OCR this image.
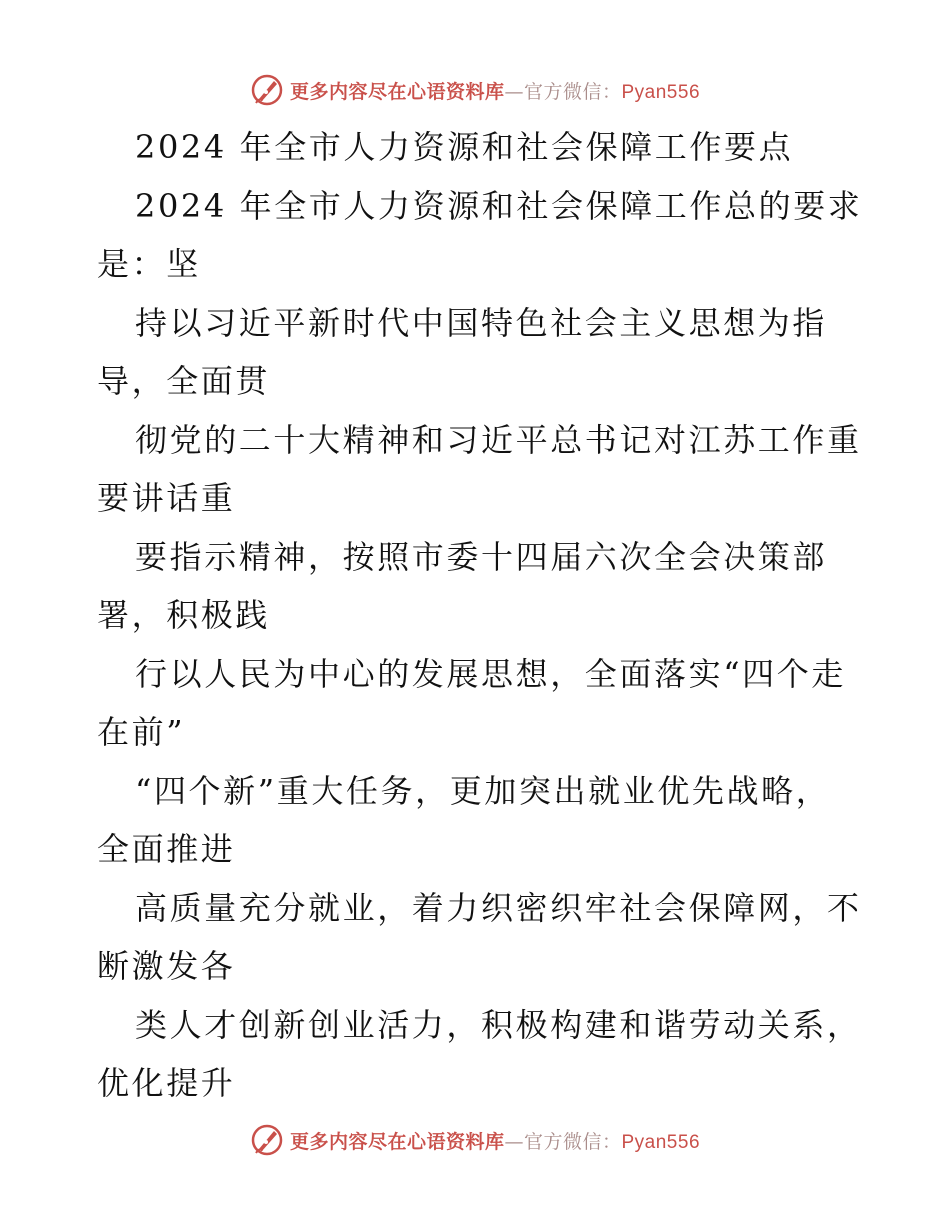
更多内容尽在心语资料库—官方微信：Pyan556
2024 年全市人力资源和社会保障工作要点
2024 年全市人力资源和社会保障工作总的要求
是：坚
持以习近平新时代中国特色社会主义思想为指
导，全面贯
彻党的二十大精神和习近平总书记对江苏工作重
要讲话重
要指示精神，按照市委十四届六次全会决策部
署，积极践
行以人民为中心的发展思想，全面落实“四个走
在前”
“四个新”重大任务，更加突出就业优先战略，
全面推进
高质量充分就业，着力织密织牢社会保障网，不
断激发各
类人才创新创业活力，积极构建和谐劳动关系，
优化提升
更多内容尽在心语资料库—官方微信：Pyan556
